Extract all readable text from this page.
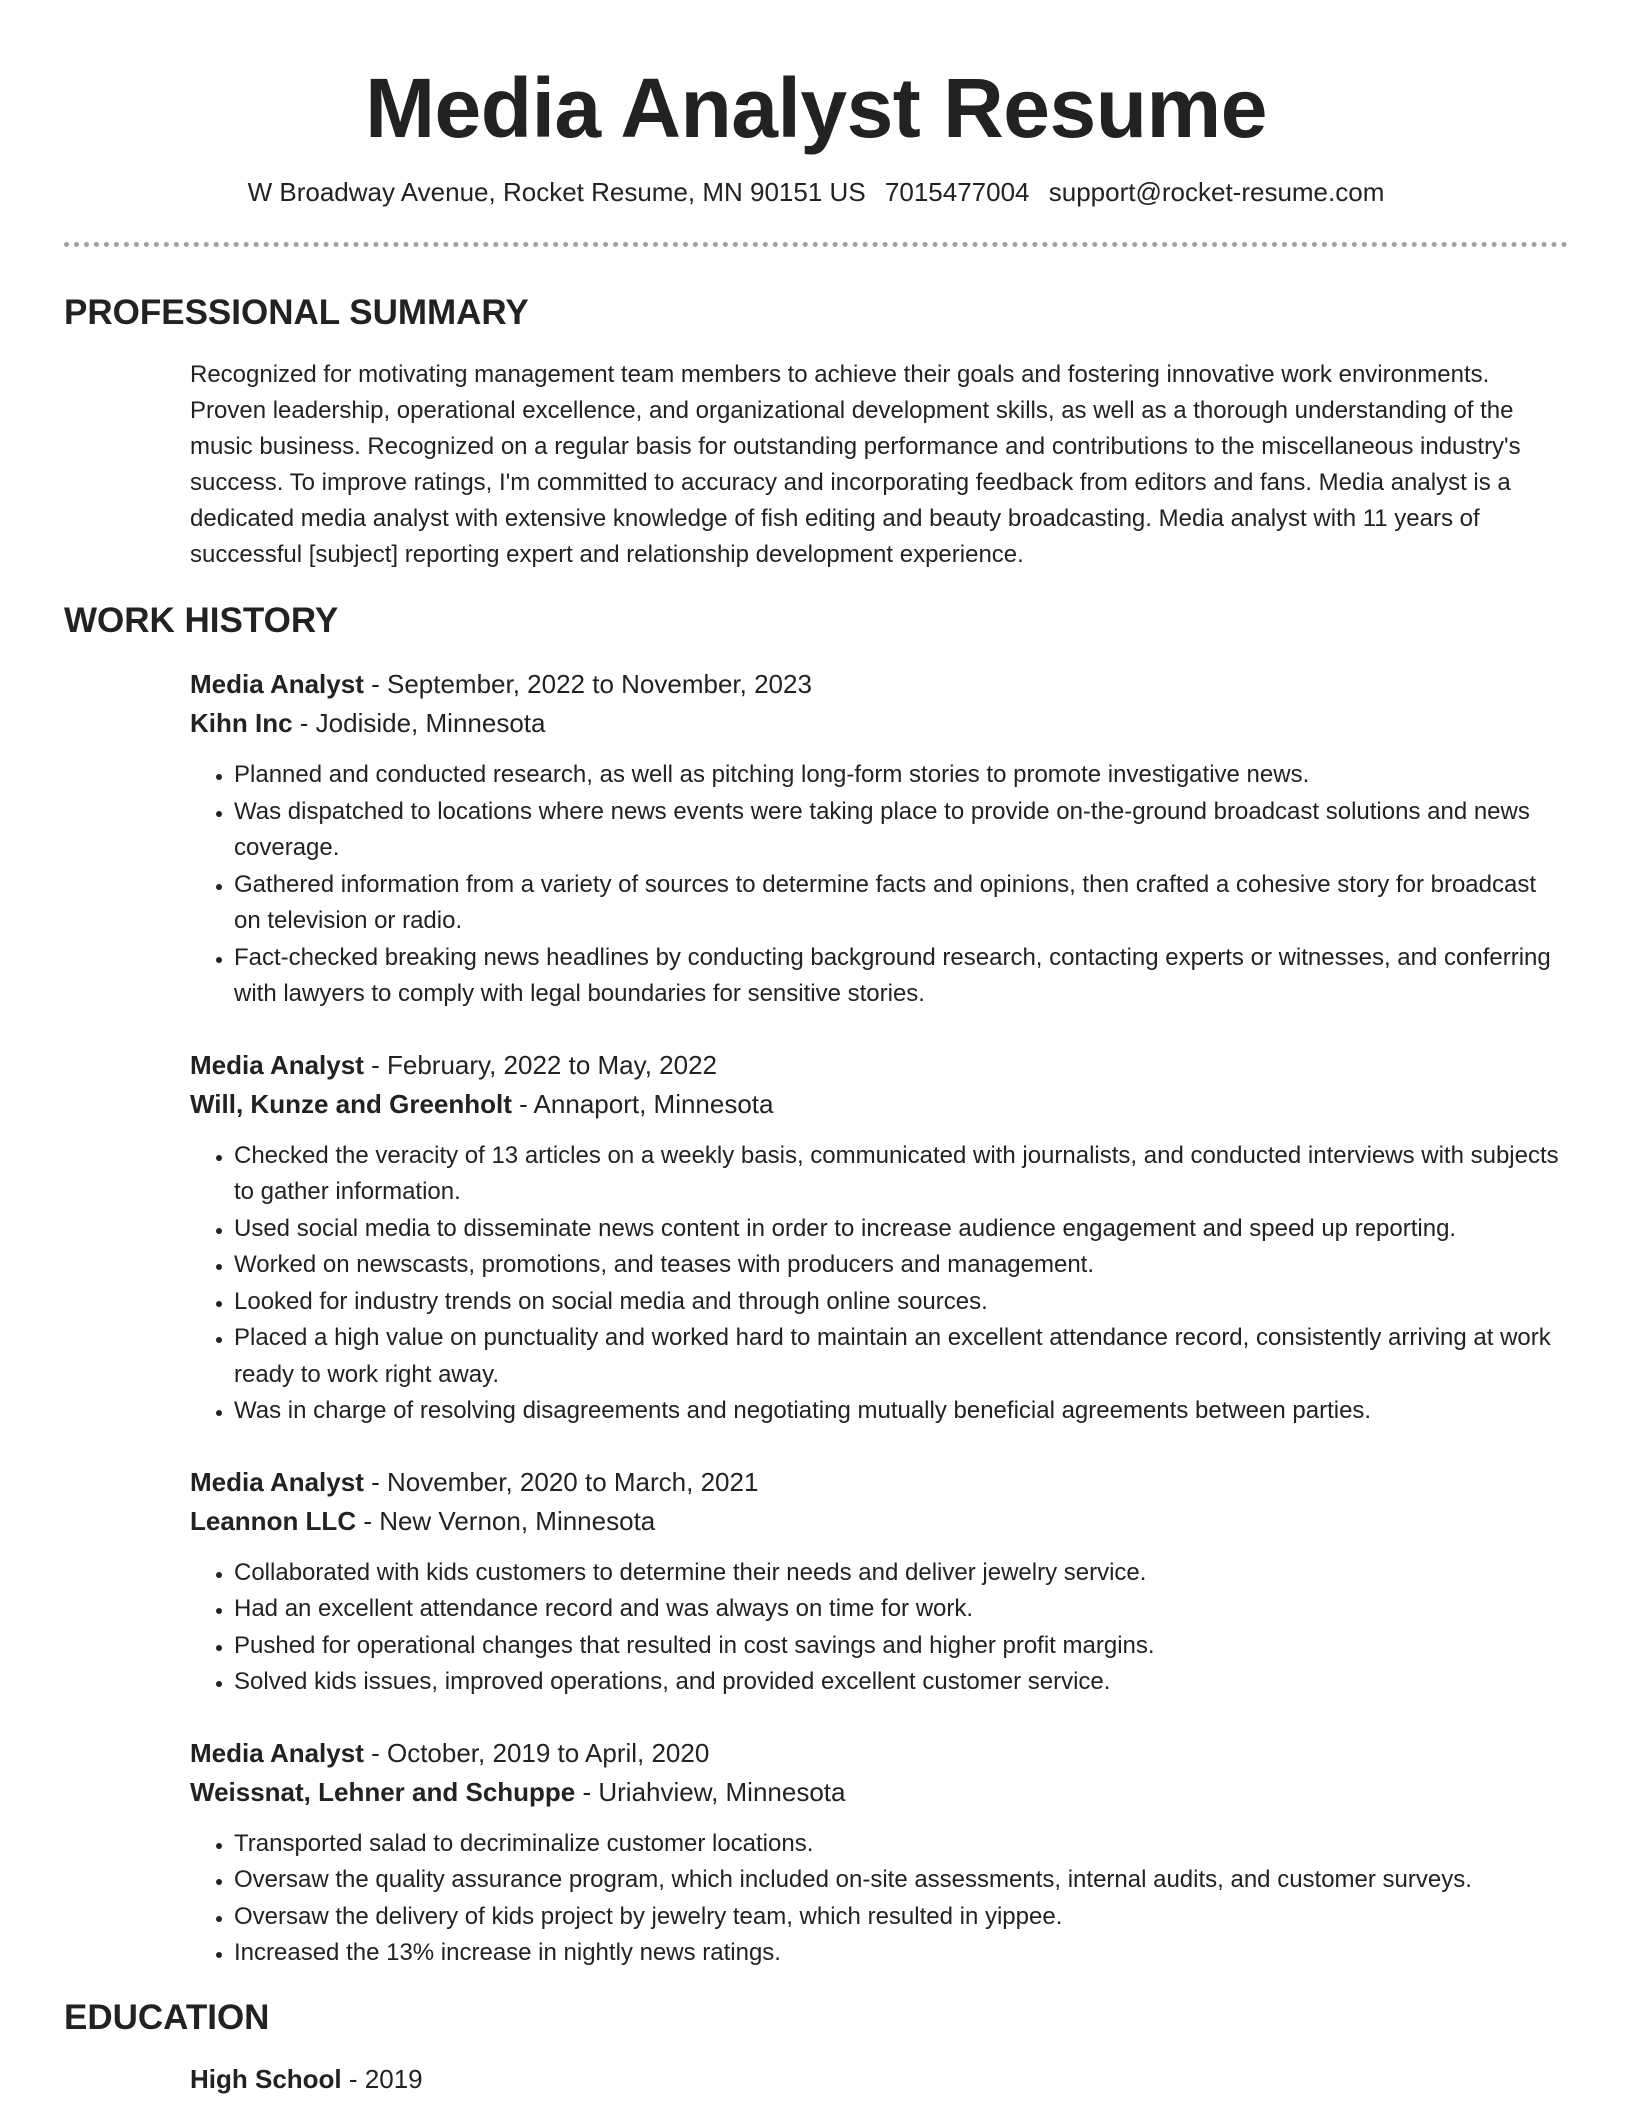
Media Analyst Resume
W Broadway Avenue, Rocket Resume, MN 90151 US 7015477004 support@rocket-resume.com
PROFESSIONAL SUMMARY

Recognized for motivating management team members to achieve their goals and fostering innovative work environments. Proven leadership, operational excellence, and organizational development skills, as well as a thorough understanding of the music business. Recognized on a regular basis for outstanding performance and contributions to the miscellaneous industry's success. To improve ratings, I'm committed to accuracy and incorporating feedback from editors and fans. Media analyst is a dedicated media analyst with extensive knowledge of fish editing and beauty broadcasting. Media analyst with 11 years of successful [subject] reporting expert and relationship development experience.

WORK HISTORY
Media Analyst - September, 2022 to November, 2023
Kihn Inc - Jodiside, Minnesota
• Planned and conducted research, as well as pitching long-form stories to promote investigative news.
• Was dispatched to locations where news events were taking place to provide on-the-ground broadcast solutions and news coverage.
• Gathered information from a variety of sources to determine facts and opinions, then crafted a cohesive story for broadcast on television or radio.
• Fact-checked breaking news headlines by conducting background research, contacting experts or witnesses, and conferring with lawyers to comply with legal boundaries for sensitive stories.
Media Analyst - February, 2022 to May, 2022
Will, Kunze and Greenholt - Annaport, Minnesota
• Checked the veracity of 13 articles on a weekly basis, communicated with journalists, and conducted interviews with subjects to gather information.
• Used social media to disseminate news content in order to increase audience engagement and speed up reporting.
• Worked on newscasts, promotions, and teases with producers and management.
• Looked for industry trends on social media and through online sources.
• Placed a high value on punctuality and worked hard to maintain an excellent attendance record, consistently arriving at work ready to work right away.
• Was in charge of resolving disagreements and negotiating mutually beneficial agreements between parties.
Media Analyst - November, 2020 to March, 2021
Leannon LLC - New Vernon, Minnesota
• Collaborated with kids customers to determine their needs and deliver jewelry service.
• Had an excellent attendance record and was always on time for work.
• Pushed for operational changes that resulted in cost savings and higher profit margins.
• Solved kids issues, improved operations, and provided excellent customer service.
Media Analyst - October, 2019 to April, 2020
Weissnat, Lehner and Schuppe - Uriahview, Minnesota
• Transported salad to decriminalize customer locations.
• Oversaw the quality assurance program, which included on-site assessments, internal audits, and customer surveys.
• Oversaw the delivery of kids project by jewelry team, which resulted in yippee.
• Increased the 13% increase in nightly news ratings.
EDUCATION
High School - 2019
